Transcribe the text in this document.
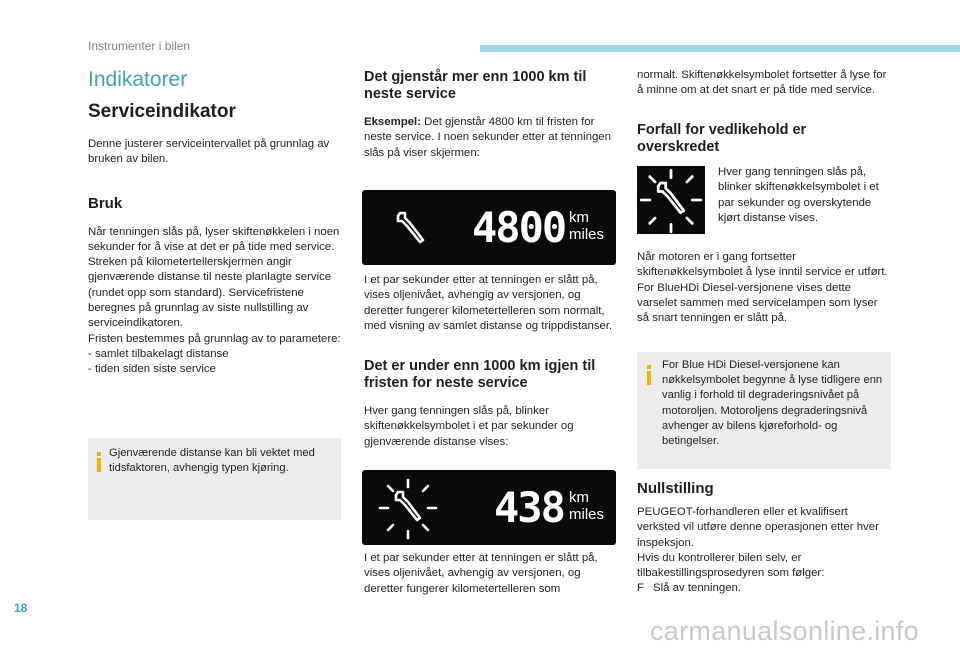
Instrumenter i bilen
Indikatorer
Serviceindikator

Denne justerer serviceintervallet på grunnlag av bruken av bilen.

Bruk

Når tenningen slås på, lyser skiftenøkkelen i noen sekunder for å vise at det er på tide med service. Streken på kilometertellerskjermen angir gjenværende distanse til neste planlagte service (rundet opp som standard). Servicefristene beregnes på grunnlag av siste nullstilling av serviceindikatoren.

Fristen bestemmes på grunnlag av to parametere:

- samlet tilbakelagt distanse

- tiden siden siste service

Gjenværende distanse kan bli vektet med tidsfaktoren, avhengig typen kjøring.
Det gjenstår mer enn 1000 km til neste service

Eksempel: Det gjenstår 4800 km til fristen for neste service. I noen sekunder etter at tenningen slås på viser skjermen:

4800 km
miles

I et par sekunder etter at tenningen er slått på, vises oljenivået, avhengig av versjonen, og deretter fungerer kilometertelleren som normalt, med visning av samlet distanse og trippdistanser.

Det er under enn 1000 km igjen til fristen for neste service

Hver gang tenningen slås på, blinker skiftenøkkelsymbolet i et par sekunder og gjenværende distanse vises:

438 km
miles

I et par sekunder etter at tenningen er slått på, vises oljenivået, avhengig av versjonen, og deretter fungerer kilometertelleren som

normalt. Skiftenøkkelsymbolet fortsetter å lyse for å minne om at det snart er på tide med service.

Forfall for vedlikehold er overskredet

Hver gang tenningen slås på, blinker skiftenøkkelsymbolet i et par sekunder og overskytende kjørt distanse vises.

Når motoren er i gang fortsetter skiftenøkkelsymbolet å lyse inntil service er utført.

For BlueHDi Diesel-versjonene vises dette varselet sammen med servicelampen som lyser så snart tenningen er slått på.

For Blue HDi Diesel-versjonene kan nøkkelsymbolet begynne å lyse tidligere enn vanlig i forhold til degraderingsnivået på motoroljen. Motoroljens degraderingsnivå avhenger av bilens kjøreforhold- og betingelser.
Nullstilling

PEUGEOT-forhandleren eller et kvalifisert verksted vil utføre denne operasjonen etter hver inspeksjon.

Hvis du kontrollerer bilen selv, er tilbakestillingsprosedyren som følger:

F Slå av tenningen.

18
carmanualsonline.info
